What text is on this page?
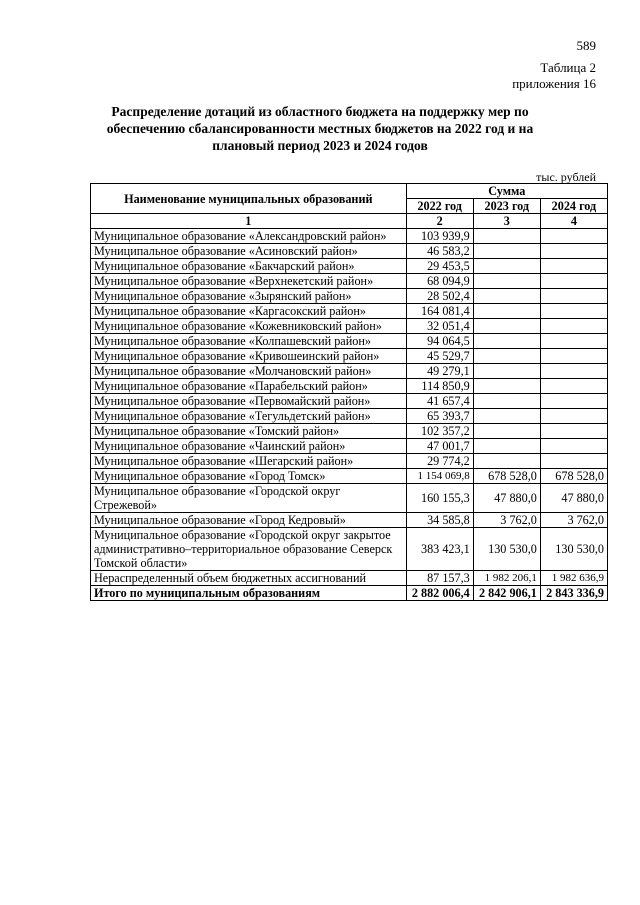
589
Таблица 2
приложения 16
Распределение дотаций из областного бюджета на поддержку мер по обеспечению сбалансированности местных бюджетов на 2022 год и на плановый период 2023 и 2024 годов
тыс. рублей
Наименование муниципальных образований	Сумма		
	2022 год	2023 год	2024 год
1	2	3	4
Муниципальное образование «Александровский район»	103 939,9		
Муниципальное образование «Асиновский район»	46 583,2		
Муниципальное образование «Бакчарский район»	29 453,5		
Муниципальное образование «Верхнекетский район»	68 094,9		
Муниципальное образование «Зырянский район»	28 502,4		
Муниципальное образование «Каргасокский район»	164 081,4		
Муниципальное образование «Кожевниковский район»	32 051,4		
Муниципальное образование «Колпашевский район»	94 064,5		
Муниципальное образование «Кривошеинский район»	45 529,7		
Муниципальное образование «Молчановский район»	49 279,1		
Муниципальное образование «Парабельский район»	114 850,9		
Муниципальное образование «Первомайский район»	41 657,4		
Муниципальное образование «Тегульдетский район»	65 393,7		
Муниципальное образование «Томский район»	102 357,2		
Муниципальное образование «Чаинский район»	47 001,7		
Муниципальное образование «Шегарский район»	29 774,2		
Муниципальное образование «Город Томск»	1 154 069,8	678 528,0	678 528,0
Муниципальное образование «Городской округ Стрежевой»	160 155,3	47 880,0	47 880,0
Муниципальное образование «Город Кедровый»	34 585,8	3 762,0	3 762,0
Муниципальное образование «Городской округ закрытое административно–территориальное образование Северск Томской области»	383 423,1	130 530,0	130 530,0
Нераспределенный объем бюджетных ассигнований	87 157,3	1 982 206,1	1 982 636,9
Итого по муниципальным образованиям	2 882 006,4	2 842 906,1	2 843 336,9
